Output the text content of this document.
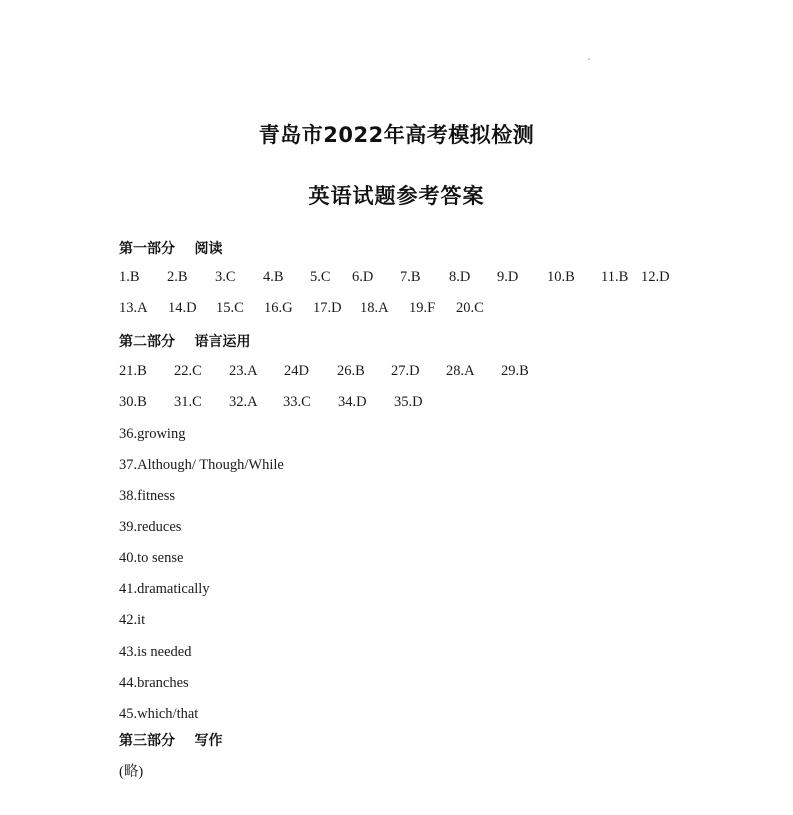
青岛市2022年高考模拟检测
英语试题参考答案
第一部分    阅读
1.B 2.B 3.C 4.B 5.C 6.D 7.B 8.D 9.D 10.B 11.B 12.D
13.A 14.D 15.C 16.G 17.D 18.A 19.F 20.C
第二部分    语言运用
21.B 22.C 23.A 24D 26.B 27.D 28.A 29.B
30.B 31.C 32.A 33.C 34.D 35.D
36.growing
37.Although/ Though/While
38.fitness
39.reduces
40.to sense
41.dramatically
42.it
43.is needed
44.branches
45.which/that
第三部分    写作
(略)
